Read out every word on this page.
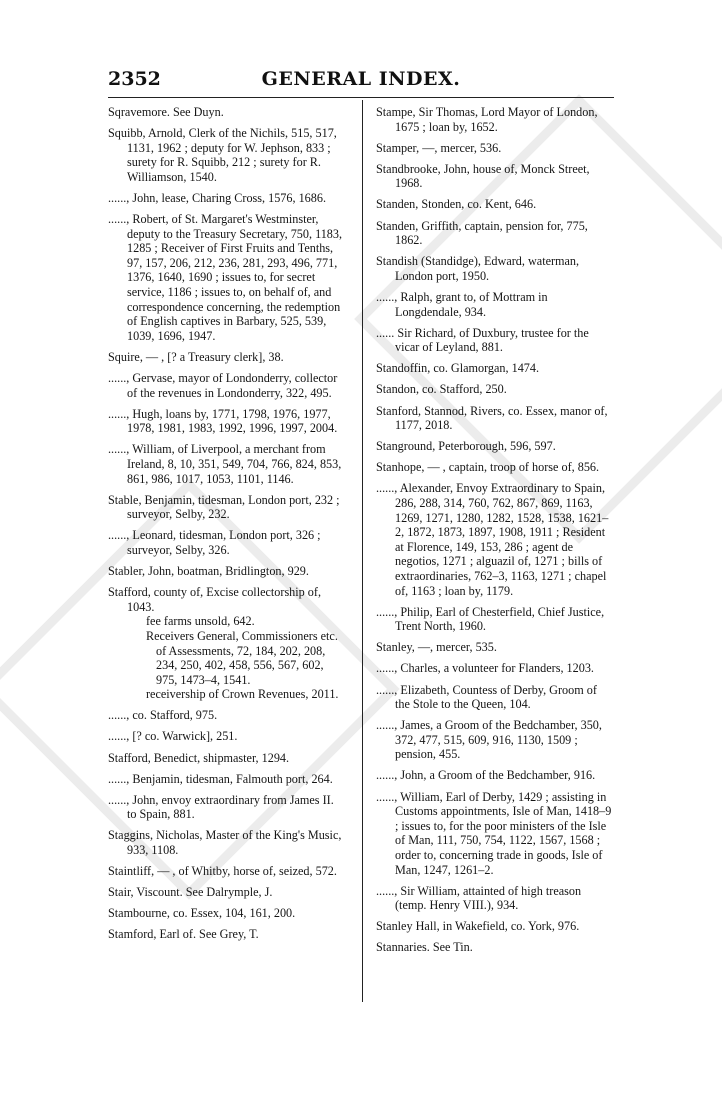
2352	GENERAL INDEX.
Sqravemore. See Duyn.
Squibb, Arnold, Clerk of the Nichils, 515, 517, 1131, 1962 ; deputy for W. Jephson, 833 ; surety for R. Squibb, 212 ; surety for R. Williamson, 1540.
......, John, lease, Charing Cross, 1576, 1686.
......, Robert, of St. Margaret's Westminster, deputy to the Treasury Secretary, 750, 1183, 1285 ; Receiver of First Fruits and Tenths, 97, 157, 206, 212, 236, 281, 293, 496, 771, 1376, 1640, 1690 ; issues to, for secret service, 1186 ; issues to, on behalf of, and correspondence concerning, the redemption of English captives in Barbary, 525, 539, 1039, 1696, 1947.
Squire, — , [? a Treasury clerk], 38.
......, Gervase, mayor of Londonderry, collector of the revenues in Londonderry, 322, 495.
......, Hugh, loans by, 1771, 1798, 1976, 1977, 1978, 1981, 1983, 1992, 1996, 1997, 2004.
......, William, of Liverpool, a merchant from Ireland, 8, 10, 351, 549, 704, 766, 824, 853, 861, 986, 1017, 1053, 1101, 1146.
Stable, Benjamin, tidesman, London port, 232 ; surveyor, Selby, 232.
......, Leonard, tidesman, London port, 326 ; surveyor, Selby, 326.
Stabler, John, boatman, Bridlington, 929.
Stafford, county of, Excise collectorship of, 1043.
fee farms unsold, 642.
Receivers General, Commissioners etc. of Assessments, 72, 184, 202, 208, 234, 250, 402, 458, 556, 567, 602, 975, 1473–4, 1541.
receivership of Crown Revenues, 2011.
......, co. Stafford, 975.
......, [? co. Warwick], 251.
Stafford, Benedict, shipmaster, 1294.
......, Benjamin, tidesman, Falmouth port, 264.
......, John, envoy extraordinary from James II. to Spain, 881.
Staggins, Nicholas, Master of the King's Music, 933, 1108.
Staintliff, — , of Whitby, horse of, seized, 572.
Stair, Viscount. See Dalrymple, J.
Stambourne, co. Essex, 104, 161, 200.
Stamford, Earl of. See Grey, T.
Stampe, Sir Thomas, Lord Mayor of London, 1675 ; loan by, 1652.
Stamper, —, mercer, 536.
Standbrooke, John, house of, Monck Street, 1968.
Standen, Stonden, co. Kent, 646.
Standen, Griffith, captain, pension for, 775, 1862.
Standish (Standidge), Edward, waterman, London port, 1950.
......, Ralph, grant to, of Mottram in Longdendale, 934.
...... Sir Richard, of Duxbury, trustee for the vicar of Leyland, 881.
Standoffin, co. Glamorgan, 1474.
Standon, co. Stafford, 250.
Stanford, Stannod, Rivers, co. Essex, manor of, 1177, 2018.
Stanground, Peterborough, 596, 597.
Stanhope, — , captain, troop of horse of, 856.
......, Alexander, Envoy Extraordinary to Spain, 286, 288, 314, 760, 762, 867, 869, 1163, 1269, 1271, 1280, 1282, 1528, 1538, 1621–2, 1872, 1873, 1897, 1908, 1911 ; Resident at Florence, 149, 153, 286 ; agent de negotios, 1271 ; alguazil of, 1271 ; bills of extraordinaries, 762–3, 1163, 1271 ; chapel of, 1163 ; loan by, 1179.
......, Philip, Earl of Chesterfield, Chief Justice, Trent North, 1960.
Stanley, —, mercer, 535.
......, Charles, a volunteer for Flanders, 1203.
......, Elizabeth, Countess of Derby, Groom of the Stole to the Queen, 104.
......, James, a Groom of the Bedchamber, 350, 372, 477, 515, 609, 916, 1130, 1509 ; pension, 455.
......, John, a Groom of the Bedchamber, 916.
......, William, Earl of Derby, 1429 ; assisting in Customs appointments, Isle of Man, 1418–9 ; issues to, for the poor ministers of the Isle of Man, 111, 750, 754, 1122, 1567, 1568 ; order to, concerning trade in goods, Isle of Man, 1247, 1261–2.
......, Sir William, attainted of high treason (temp. Henry VIII.), 934.
Stanley Hall, in Wakefield, co. York, 976.
Stannaries. See Tin.
